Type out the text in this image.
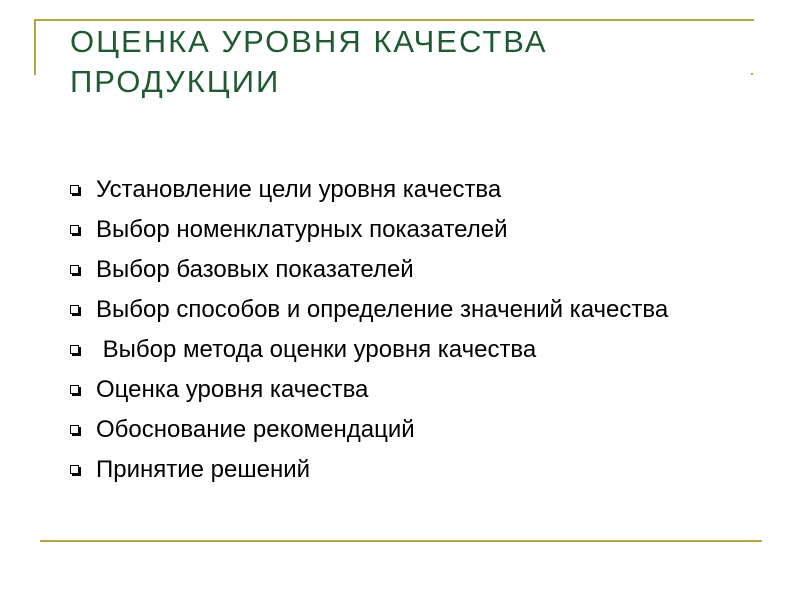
ОЦЕНКА УРОВНЯ КАЧЕСТВА ПРОДУКЦИИ
Установление цели уровня качества
Выбор номенклатурных показателей
Выбор базовых показателей
Выбор способов и определение значений качества
Выбор метода оценки уровня качества
Оценка уровня качества
Обоснование рекомендаций
Принятие решений
